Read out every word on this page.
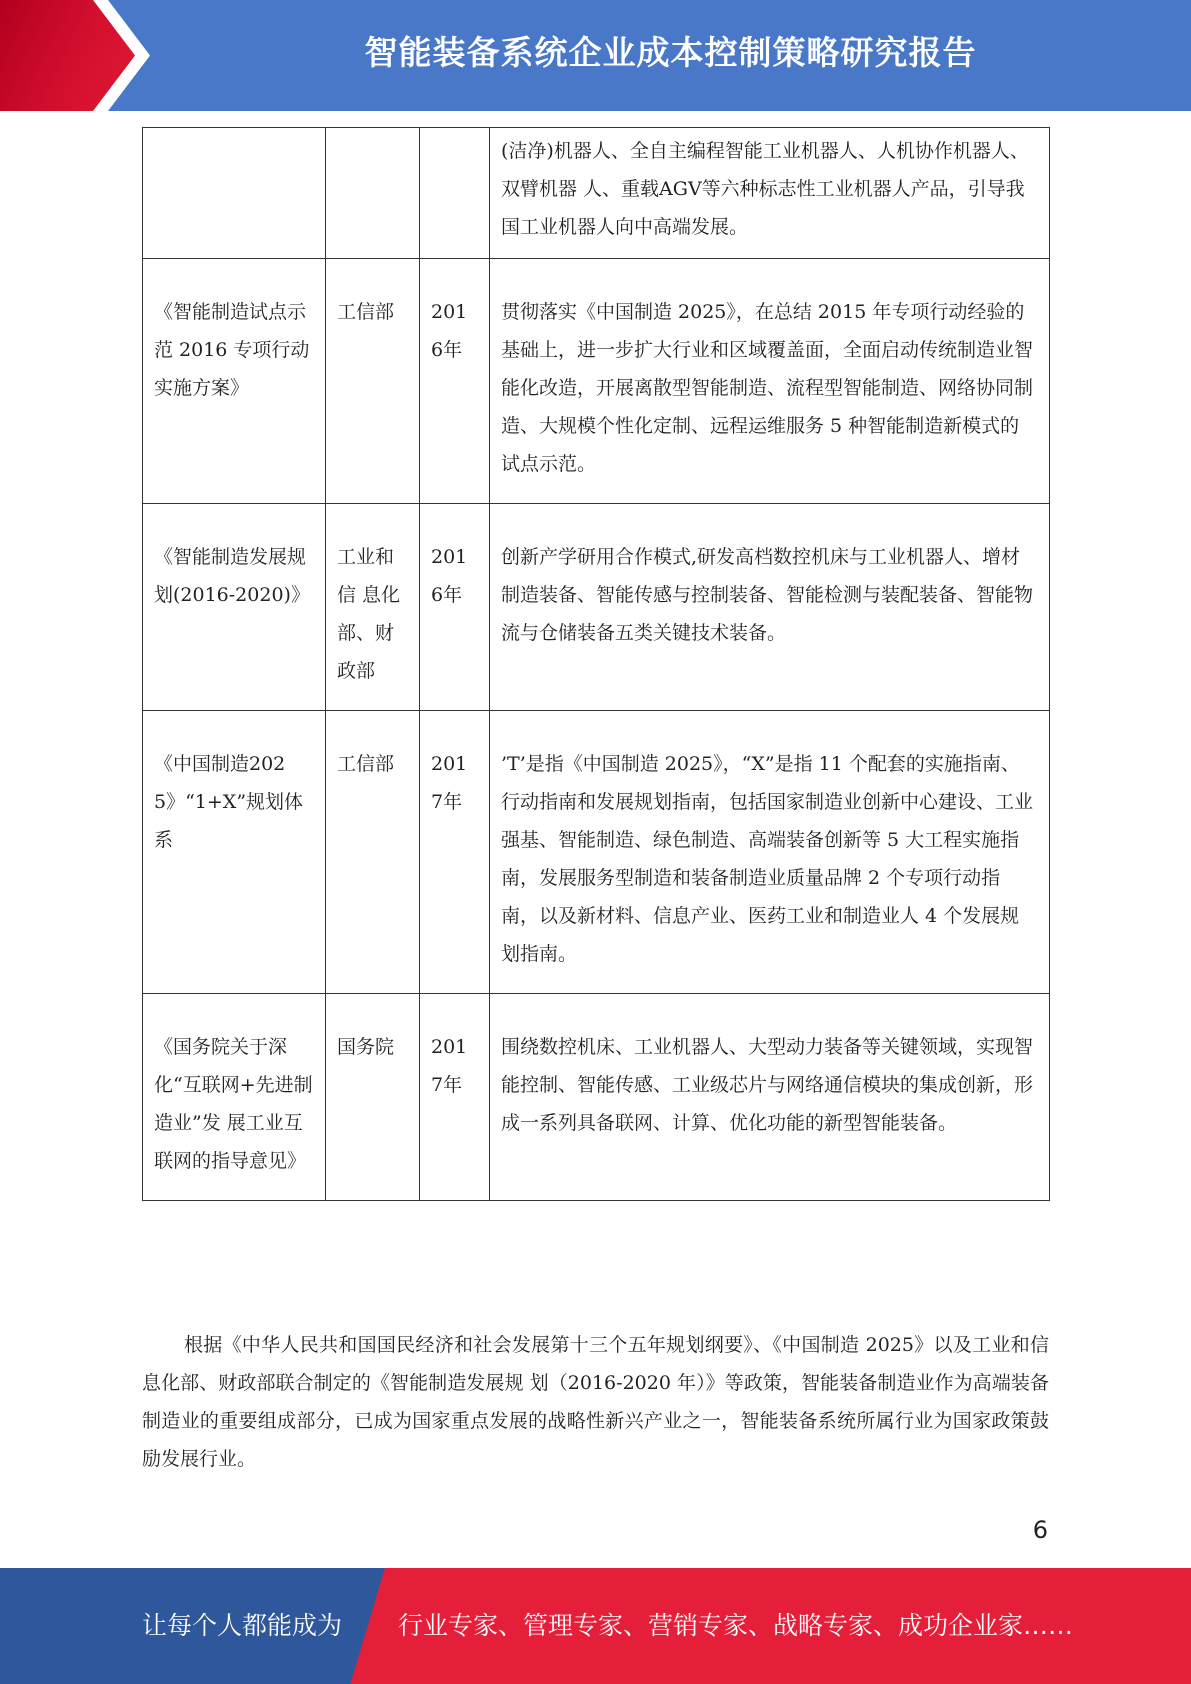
智能装备系统企业成本控制策略研究报告
			(洁净)机器人、全自主编程智能工业机器人、人机协作机器人、双臂机器 人、重载AGV等六种标志性工业机器人产品，引导我国工业机器人向中高端发展。
《智能制造试点示范 2016 专项行动实施方案》	工信部	2016年	贯彻落实《中国制造 2025》，在总结 2015 年专项行动经验的基础上，进一步扩大行业和区域覆盖面，全面启动传统制造业智能化改造，开展离散型智能制造、流程型智能制造、网络协同制造、大规模个性化定制、远程运维服务 5 种智能制造新模式的试点示范。
《智能制造发展规划(2016-2020)》	工业和信 息化部、财政部	2016年	创新产学研用合作模式,研发高档数控机床与工业机器人、增材制造装备、智能传感与控制装备、智能检测与装配装备、智能物流与仓储装备五类关键技术装备。
《中国制造2025》“1+X”规划体系	工信部	2017年	’T’是指《中国制造 2025》，“X”是指 11 个配套的实施指南、行动指南和发展规划指南，包括国家制造业创新中心建设、工业强基、智能制造、绿色制造、高端装备创新等 5 大工程实施指南，发展服务型制造和装备制造业质量品牌 2 个专项行动指南，以及新材料、信息产业、医药工业和制造业人 4 个发展规划指南。
《国务院关于深化“互联网+先进制造业”发 展工业互联网的指导意见》	国务院	2017年	围绕数控机床、工业机器人、大型动力装备等关键领域，实现智能控制、智能传感、工业级芯片与网络通信模块的集成创新，形成一系列具备联网、计算、优化功能的新型智能装备。

根据《中华人民共和国国民经济和社会发展第十三个五年规划纲要》、《中国制造 2025》以及工业和信息化部、财政部联合制定的《智能制造发展规 划（2016-2020 年）》等政策，智能装备制造业作为高端装备制造业的重要组成部分，已成为国家重点发展的战略性新兴产业之一，智能装备系统所属行业为国家政策鼓励发展行业。

6
让每个人都能成为 行业专家、管理专家、营销专家、战略专家、成功企业家……
